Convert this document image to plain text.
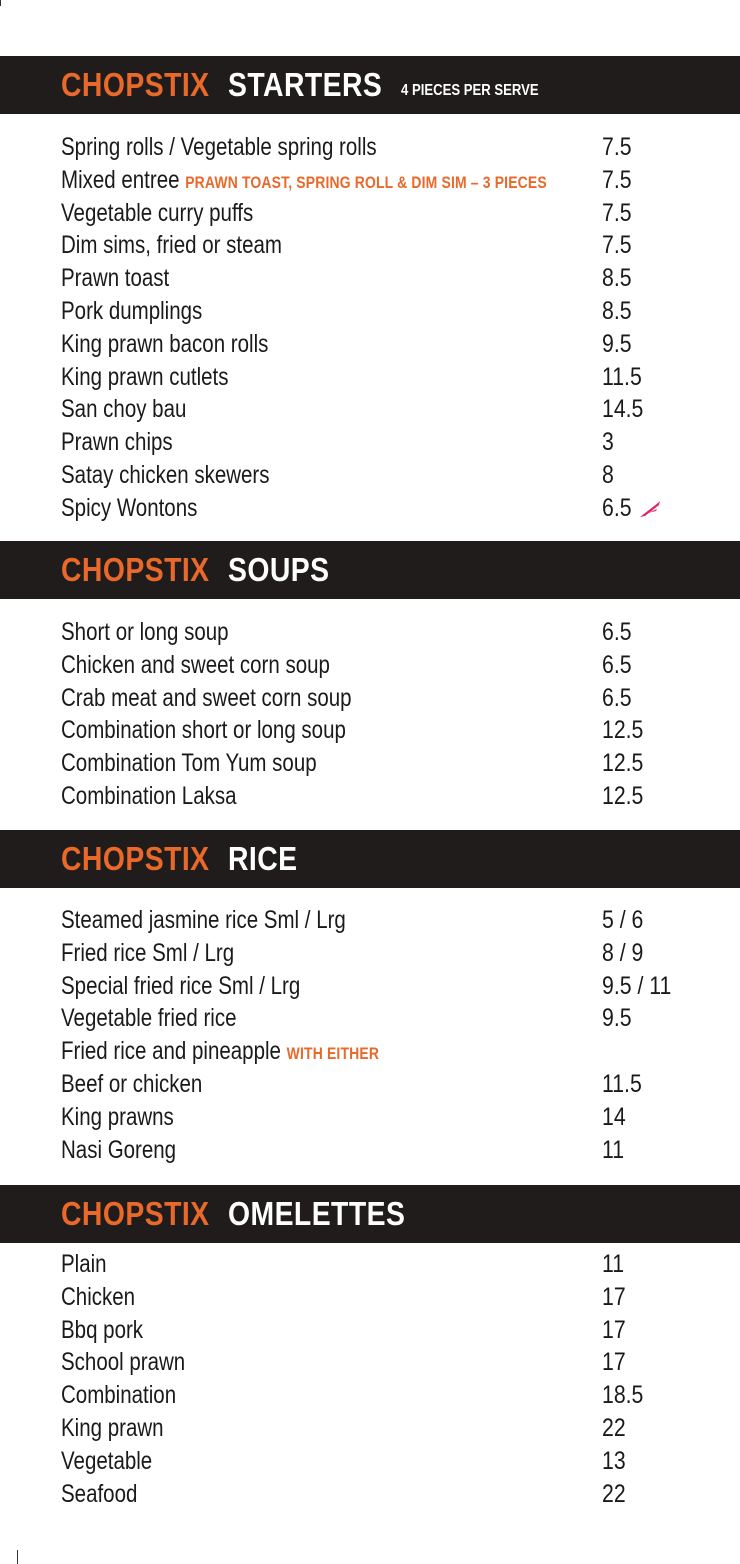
CHOPSTIX STARTERS 4 PIECES PER SERVE
Spring rolls / Vegetable spring rolls	7.5
Mixed entree PRAWN TOAST, SPRING ROLL & DIM SIM – 3 PIECES 7.5
Vegetable curry puffs	7.5
Dim sims, fried or steam	7.5
Prawn toast	8.5
Pork dumplings	8.5
King prawn bacon rolls	9.5
King prawn cutlets	11.5
San choy bau	14.5
Prawn chips	3
Satay chicken skewers	8
Spicy Wontons	6.5
CHOPSTIX SOUPS
Short or long soup	6.5
Chicken and sweet corn soup	6.5
Crab meat and sweet corn soup	6.5
Combination short or long soup	12.5
Combination Tom Yum soup	12.5
Combination Laksa	12.5
CHOPSTIX RICE
Steamed jasmine rice Sml / Lrg	5 / 6
Fried rice Sml / Lrg	8 / 9
Special fried rice Sml / Lrg	9.5 / 11
Vegetable fried rice	9.5
Fried rice and pineapple WITH EITHER
Beef or chicken	11.5
King prawns	14
Nasi Goreng	11
CHOPSTIX OMELETTES
Plain	11
Chicken	17
Bbq pork	17
School prawn	17
Combination	18.5
King prawn	22
Vegetable	13
Seafood	22
